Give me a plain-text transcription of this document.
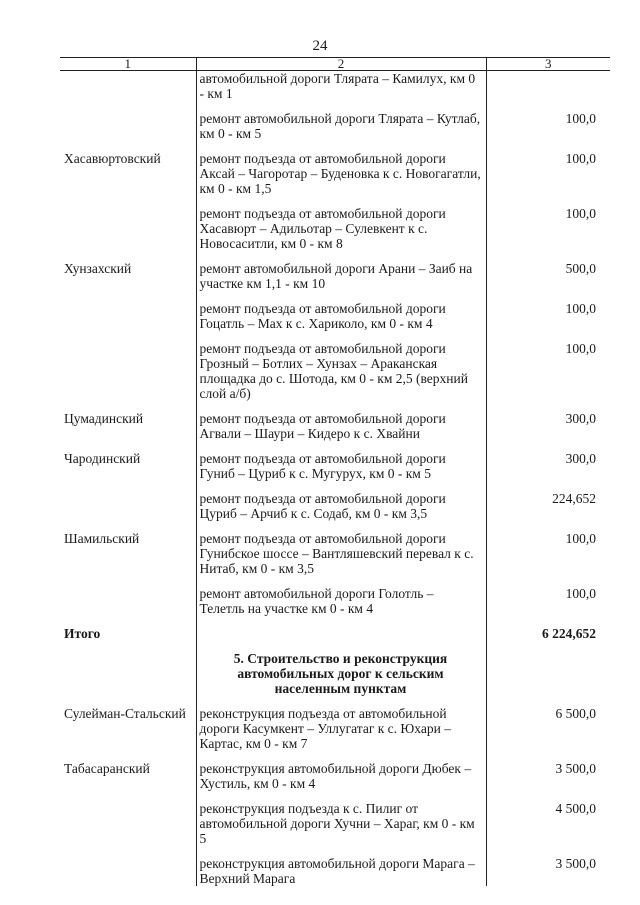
24
1	2	3
	автомобильной дороги Тлярата – Камилух, км 0 - км 1	

	ремонт автомобильной дороги Тлярата – Кутлаб, км 0 - км 5	100,0

Хасавюртовский	ремонт подъезда от автомобильной дороги Аксай – Чагоротар – Буденовка к с. Новогагатли, км 0 - км 1,5	100,0

	ремонт подъезда от автомобильной дороги Хасавюрт – Адильотар – Сулевкент к с. Новосаситли, км 0 - км 8	100,0

Хунзахский	ремонт автомобильной дороги Арани – Заиб на участке км 1,1 - км 10	500,0

	ремонт подъезда от автомобильной дороги Гоцатль – Мах к с. Хариколо, км 0 - км 4	100,0

	ремонт подъезда от автомобильной дороги Грозный – Ботлих – Хунзах – Араканская площадка до с. Шотода, км 0 - км 2,5 (верхний слой а/б)	100,0

Цумадинский	ремонт подъезда от автомобильной дороги Агвали – Шаури – Кидеро к с. Хвайни	300,0

Чародинский	ремонт подъезда от автомобильной дороги Гуниб – Цуриб к с. Мугурух, км 0 - км 5	300,0

	ремонт подъезда от автомобильной дороги Цуриб – Арчиб к с. Содаб, км 0 - км 3,5	224,652

Шамильский	ремонт подъезда от автомобильной дороги Гунибское шоссе – Вантляшевский перевал к с. Нитаб, км 0 - км 3,5	100,0

	ремонт автомобильной дороги Голотль – Телетль на участке км 0 - км 4	100,0

Итого		6 224,652

	5. Строительство и реконструкция автомобильных дорог к сельским населенным пунктам	

Сулейман-Стальский	реконструкция подъезда от автомобильной дороги Касумкент – Уллугатаг к с. Юхари – Картас, км 0 - км 7	6 500,0

Табасаранский	реконструкция автомобильной дороги Дюбек – Хустиль, км 0 - км 4	3 500,0

	реконструкция подъезда к с. Пилиг от автомобильной дороги Хучни – Хараг, км 0 - км 5	4 500,0

	реконструкция автомобильной дороги Марага – Верхний Марага	3 500,0
